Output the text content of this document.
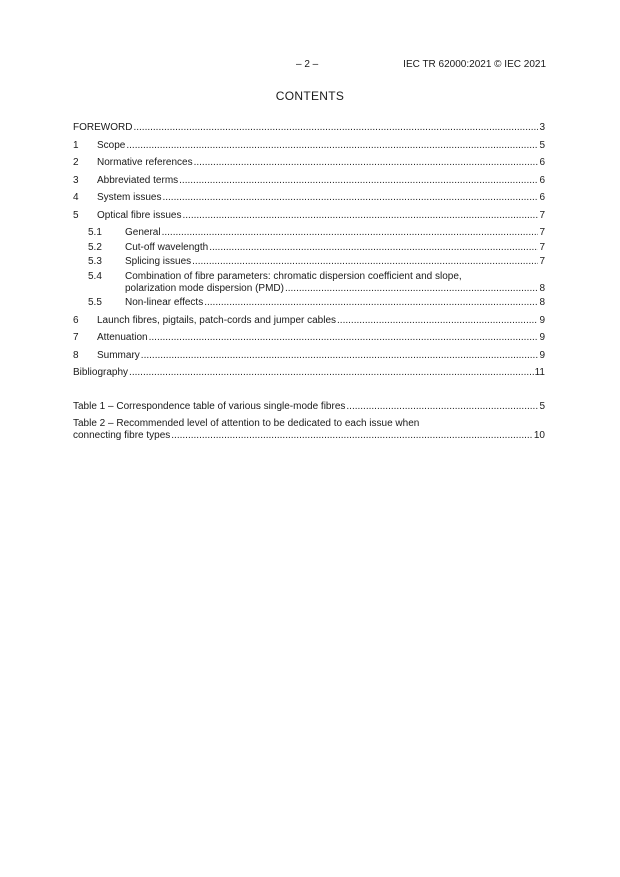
– 2 –	IEC TR 62000:2021 © IEC 2021
CONTENTS
FOREWORD .....	3
1	Scope .....	5
2	Normative references .....	6
3	Abbreviated terms .....	6
4	System issues .....	6
5	Optical fibre issues .....	7
5.1	General .....	7
5.2	Cut-off wavelength .....	7
5.3	Splicing issues .....	7
5.4	Combination of fibre parameters: chromatic dispersion coefficient and slope,
polarization mode dispersion (PMD) .....	8
5.5	Non-linear effects .....	8
6	Launch fibres, pigtails, patch-cords and jumper cables .....	9
7	Attenuation .....	9
8	Summary .....	9
Bibliography .....	11
Table 1 – Correspondence table of various single-mode fibres .....	5
Table 2 – Recommended level of attention to be dedicated to each issue when
connecting fibre types .....	10
